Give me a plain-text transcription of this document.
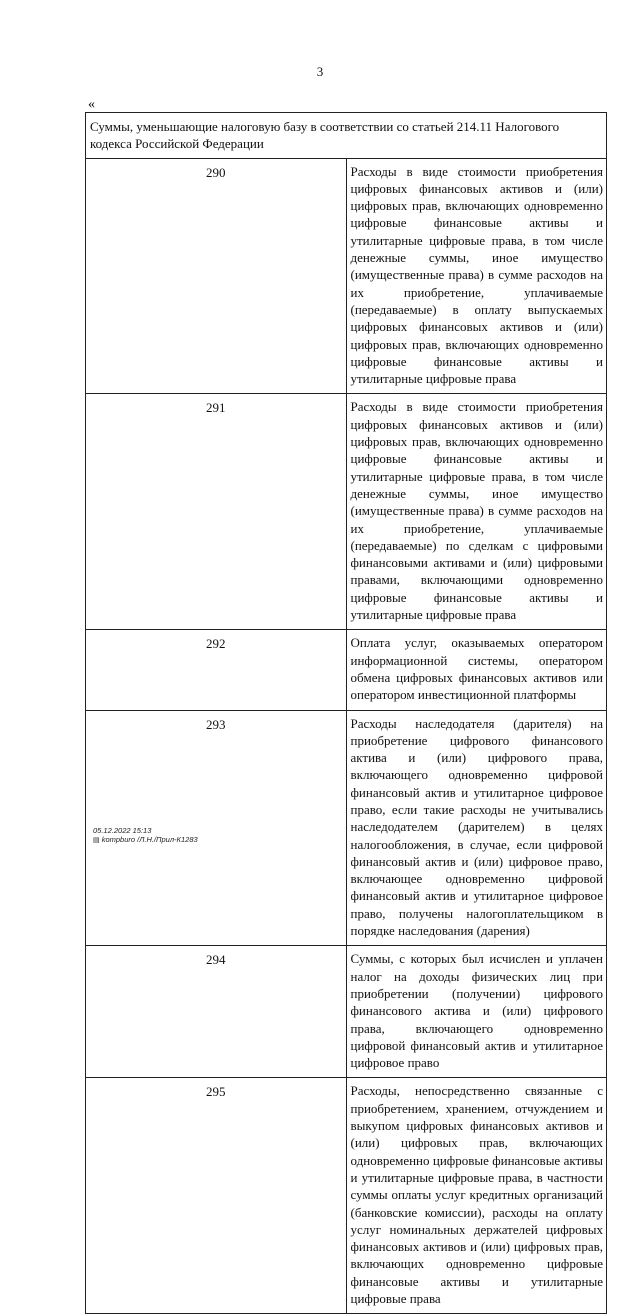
3
«
Суммы, уменьшающие налоговую базу в соответствии со статьей 214.11 Налогового кодекса Российской Федерации	
290	Расходы в виде стоимости приобретения цифровых финансовых активов и (или) цифровых прав, включающих одновременно цифровые финансовые активы и утилитарные цифровые права, в том числе денежные суммы, иное имущество (имущественные права) в сумме расходов на их приобретение, уплачиваемые (передаваемые) в оплату выпускаемых цифровых финансовых активов и (или) цифровых прав, включающих одновременно цифровые финансовые активы и утилитарные цифровые права
291	Расходы в виде стоимости приобретения цифровых финансовых активов и (или) цифровых прав, включающих одновременно цифровые финансовые активы и утилитарные цифровые права, в том числе денежные суммы, иное имущество (имущественные права) в сумме расходов на их приобретение, уплачиваемые (передаваемые) по сделкам с цифровыми финансовыми активами и (или) цифровыми правами, включающими одновременно цифровые финансовые активы и утилитарные цифровые права
292	Оплата услуг, оказываемых оператором информационной системы, оператором обмена цифровых финансовых активов или оператором инвестиционной платформы
293	Расходы наследодателя (дарителя) на приобретение цифрового финансового актива и (или) цифрового права, включающего одновременно цифровой финансовый актив и утилитарное цифровое право, если такие расходы не учитывались наследодателем (дарителем) в целях налогообложения, в случае, если цифровой финансовый актив и (или) цифровое право, включающее одновременно цифровой финансовый актив и утилитарное цифровое право, получены налогоплательщиком в порядке наследования (дарения)
294	Суммы, с которых был исчислен и уплачен налог на доходы физических лиц при приобретении (получении) цифрового финансового актива и (или) цифрового права, включающего одновременно цифровой финансовый актив и утилитарное цифровое право
295	Расходы, непосредственно связанные с приобретением, хранением, отчуждением и выкупом цифровых финансовых активов и (или) цифровых прав, включающих одновременно цифровые финансовые активы и утилитарные цифровые права, в частности суммы оплаты услуг кредитных организаций (банковские комиссии), расходы на оплату услуг номинальных держателей цифровых финансовых активов и (или) цифровых прав, включающих одновременно цифровые финансовые активы и утилитарные цифровые права
05.12.2022 15:13
▤ kompburo /Л.Н./Прил-К1283
